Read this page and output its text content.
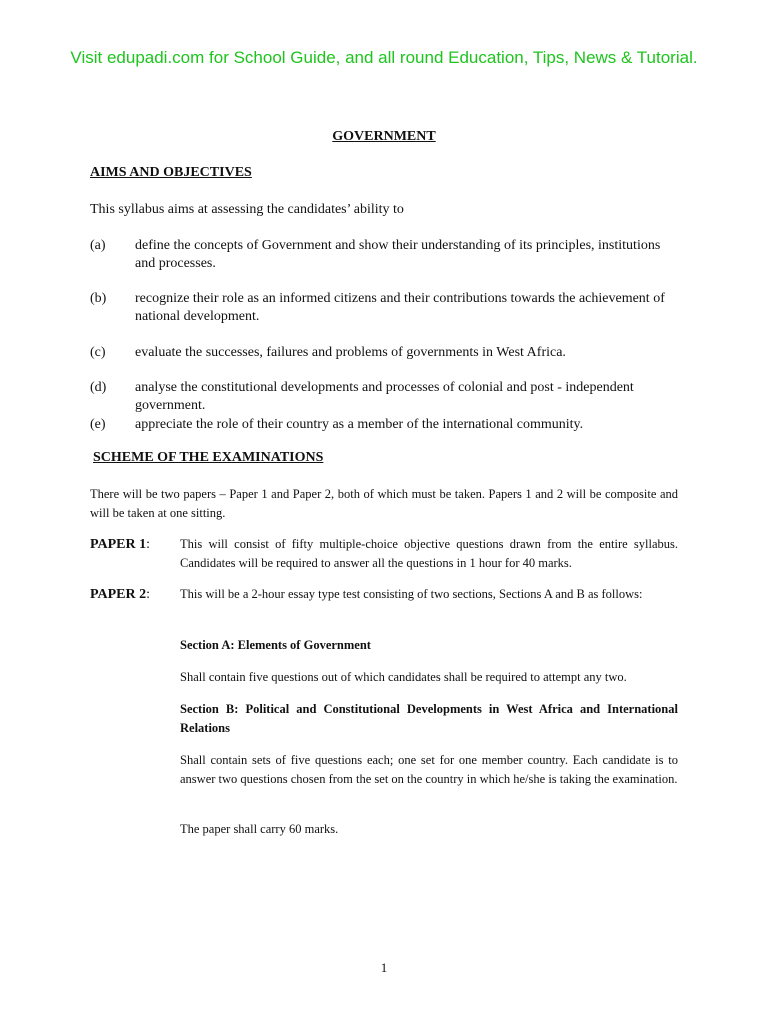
Visit edupadi.com for School Guide, and all round Education, Tips, News & Tutorial.
GOVERNMENT
AIMS AND OBJECTIVES
This syllabus aims at assessing the candidates’ ability to
(a) define the concepts of Government and show their understanding of its principles, institutions and processes.
(b) recognize their role as an informed citizens and their contributions towards the achievement of national development.
(c) evaluate the successes, failures and problems of governments in West Africa.
(d) analyse the constitutional developments and processes of colonial and post - independent government.
(e) appreciate the role of their country as a member of the international community.
SCHEME OF THE EXAMINATIONS
There will be two papers – Paper 1 and Paper 2, both of which must be taken. Papers 1 and 2 will be composite and will be taken at one sitting.
PAPER 1: This will consist of fifty multiple-choice objective questions drawn from the entire syllabus. Candidates will be required to answer all the questions in 1 hour for 40 marks.
PAPER 2: This will be a 2-hour essay type test consisting of two sections, Sections A and B as follows:
Section A: Elements of Government
Shall contain five questions out of which candidates shall be required to attempt any two.
Section B: Political and Constitutional Developments in West Africa and International Relations
Shall contain sets of five questions each; one set for one member country. Each candidate is to answer two questions chosen from the set on the country in which he/she is taking the examination.
The paper shall carry 60 marks.
1
